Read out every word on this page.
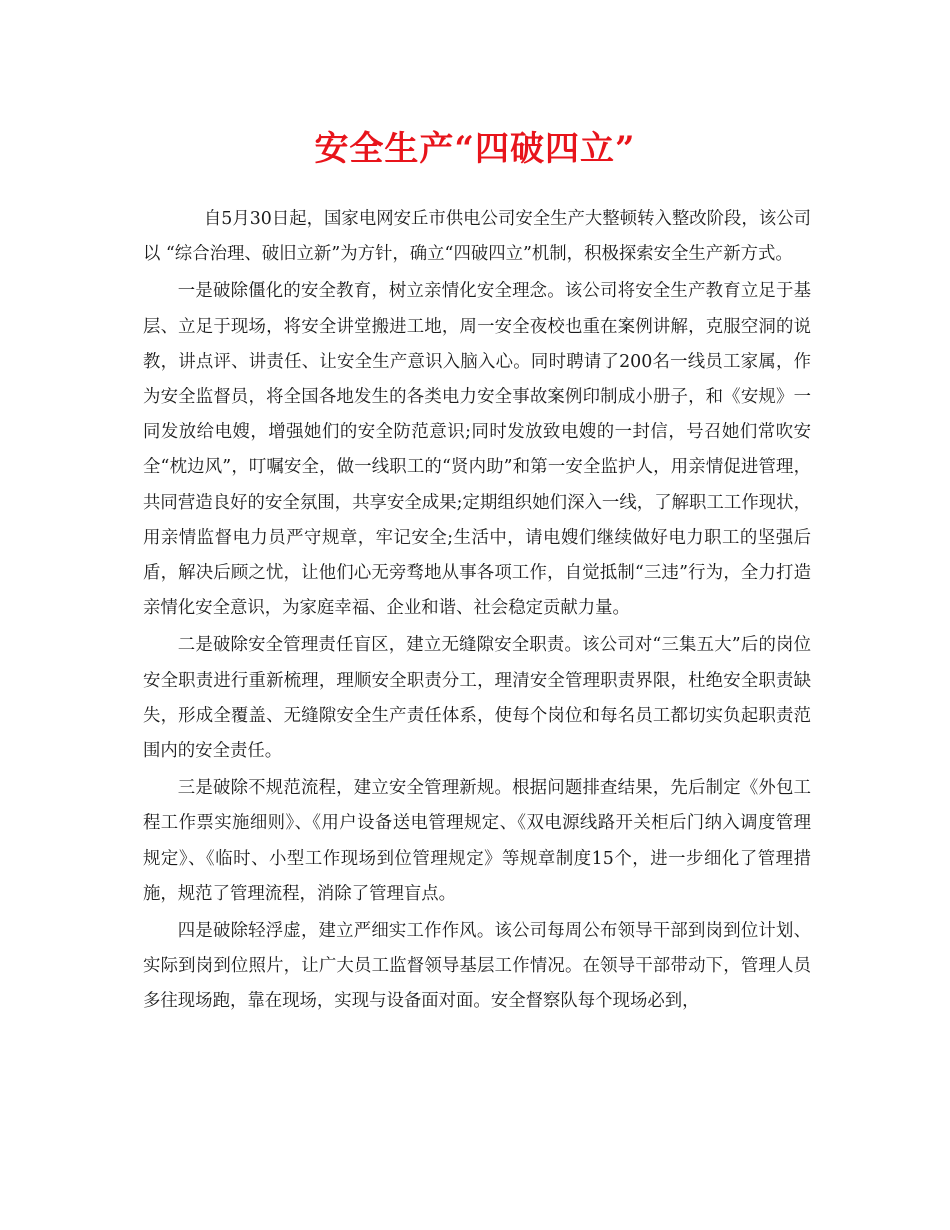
安全生产“四破四立”

自5月30日起，国家电网安丘市供电公司安全生产大整顿转入整改阶段，该公司以 “综合治理、破旧立新”为方针，确立“四破四立”机制，积极探索安全生产新方式。

一是破除僵化的安全教育，树立亲情化安全理念。该公司将安全生产教育立足于基层、立足于现场，将安全讲堂搬进工地，周一安全夜校也重在案例讲解，克服空洞的说教，讲点评、讲责任、让安全生产意识入脑入心。同时聘请了200名一线员工家属，作为安全监督员，将全国各地发生的各类电力安全事故案例印制成小册子，和《安规》一同发放给电嫂，增强她们的安全防范意识;同时发放致电嫂的一封信，号召她们常吹安全“枕边风”，叮嘱安全，做一线职工的“贤内助”和第一安全监护人，用亲情促进管理，共同营造良好的安全氛围，共享安全成果;定期组织她们深入一线，了解职工工作现状，用亲情监督电力员严守规章，牢记安全;生活中，请电嫂们继续做好电力职工的坚强后盾，解决后顾之忧，让他们心无旁骛地从事各项工作，自觉抵制“三违”行为，全力打造亲情化安全意识，为家庭幸福、企业和谐、社会稳定贡献力量。

二是破除安全管理责任盲区，建立无缝隙安全职责。该公司对“三集五大”后的岗位安全职责进行重新梳理，理顺安全职责分工，理清安全管理职责界限，杜绝安全职责缺失，形成全覆盖、无缝隙安全生产责任体系，使每个岗位和每名员工都切实负起职责范围内的安全责任。

三是破除不规范流程，建立安全管理新规。根据问题排查结果，先后制定《外包工程工作票实施细则》、《用户设备送电管理规定、《双电源线路开关柜后门纳入调度管理规定》、《临时、小型工作现场到位管理规定》等规章制度15个，进一步细化了管理措施，规范了管理流程，消除了管理盲点。

四是破除轻浮虚，建立严细实工作作风。该公司每周公布领导干部到岗到位计划、实际到岗到位照片，让广大员工监督领导基层工作情况。在领导干部带动下，管理人员多往现场跑，靠在现场，实现与设备面对面。安全督察队每个现场必到，
